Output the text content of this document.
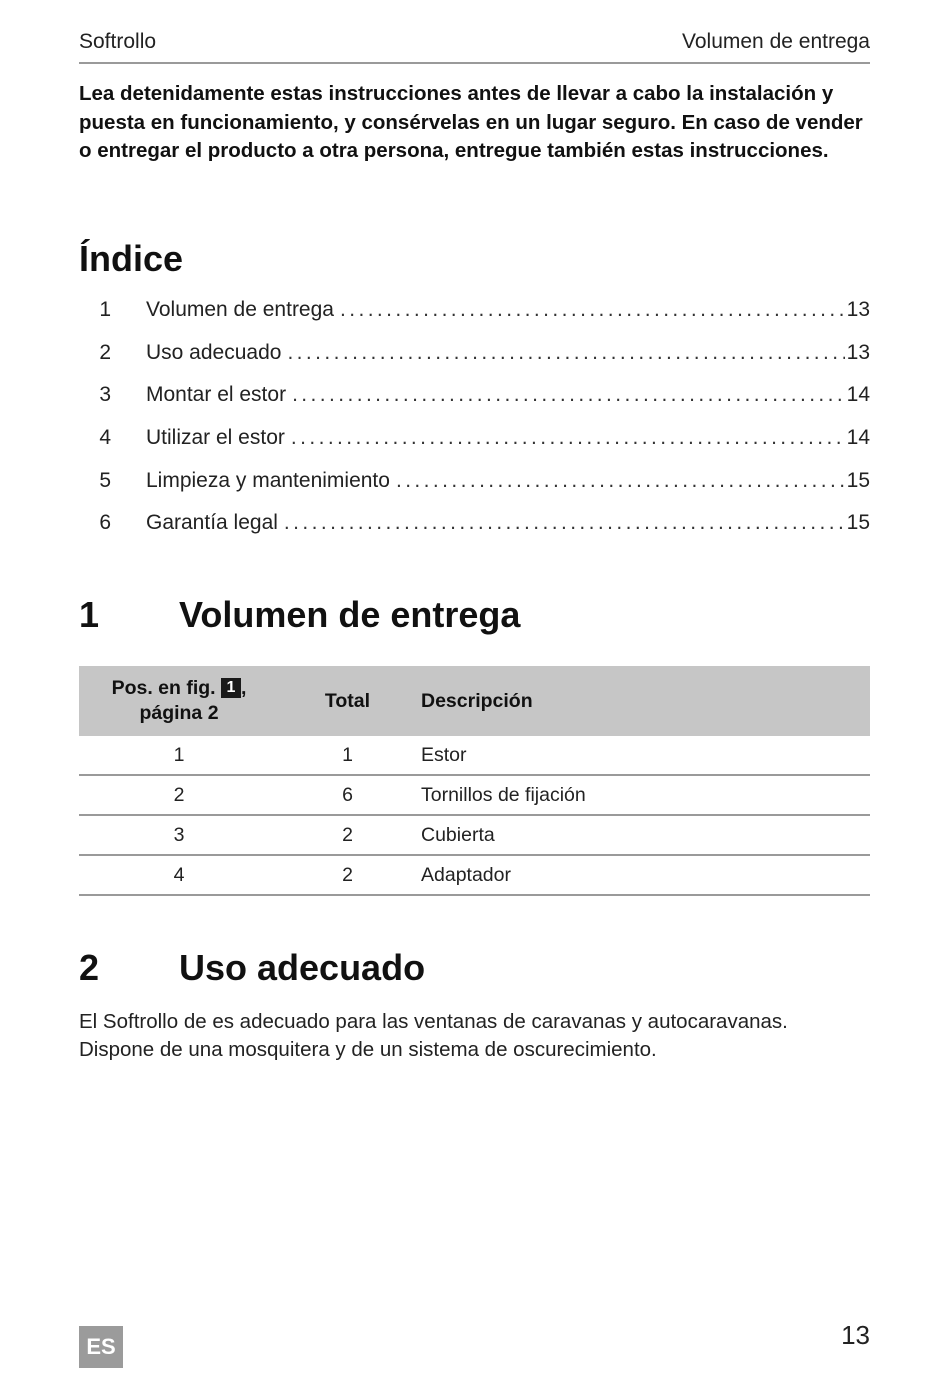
Softrollo	Volumen de entrega

Lea detenidamente estas instrucciones antes de llevar a cabo la instalación y puesta en funcionamiento, y consérvelas en un lugar seguro. En caso de vender o entregar el producto a otra persona, entregue también estas instrucciones.

Índice
1 Volumen de entrega .....	13
2 Uso adecuado .....	13
3 Montar el estor .....	14
4 Utilizar el estor .....	14
5 Limpieza y mantenimiento .....	15
6 Garantía legal .....	15
1 Volumen de entrega
Pos. en fig. 1 ,
página 2	Total	Descripción
1	1	Estor
2	6	Tornillos de fijación
3	2	Cubierta
4	2	Adaptador
2 Uso adecuado

El Softrollo de es adecuado para las ventanas de caravanas y autocaravanas.
Dispone de una mosquitera y de un sistema de oscurecimiento.

ES	13
